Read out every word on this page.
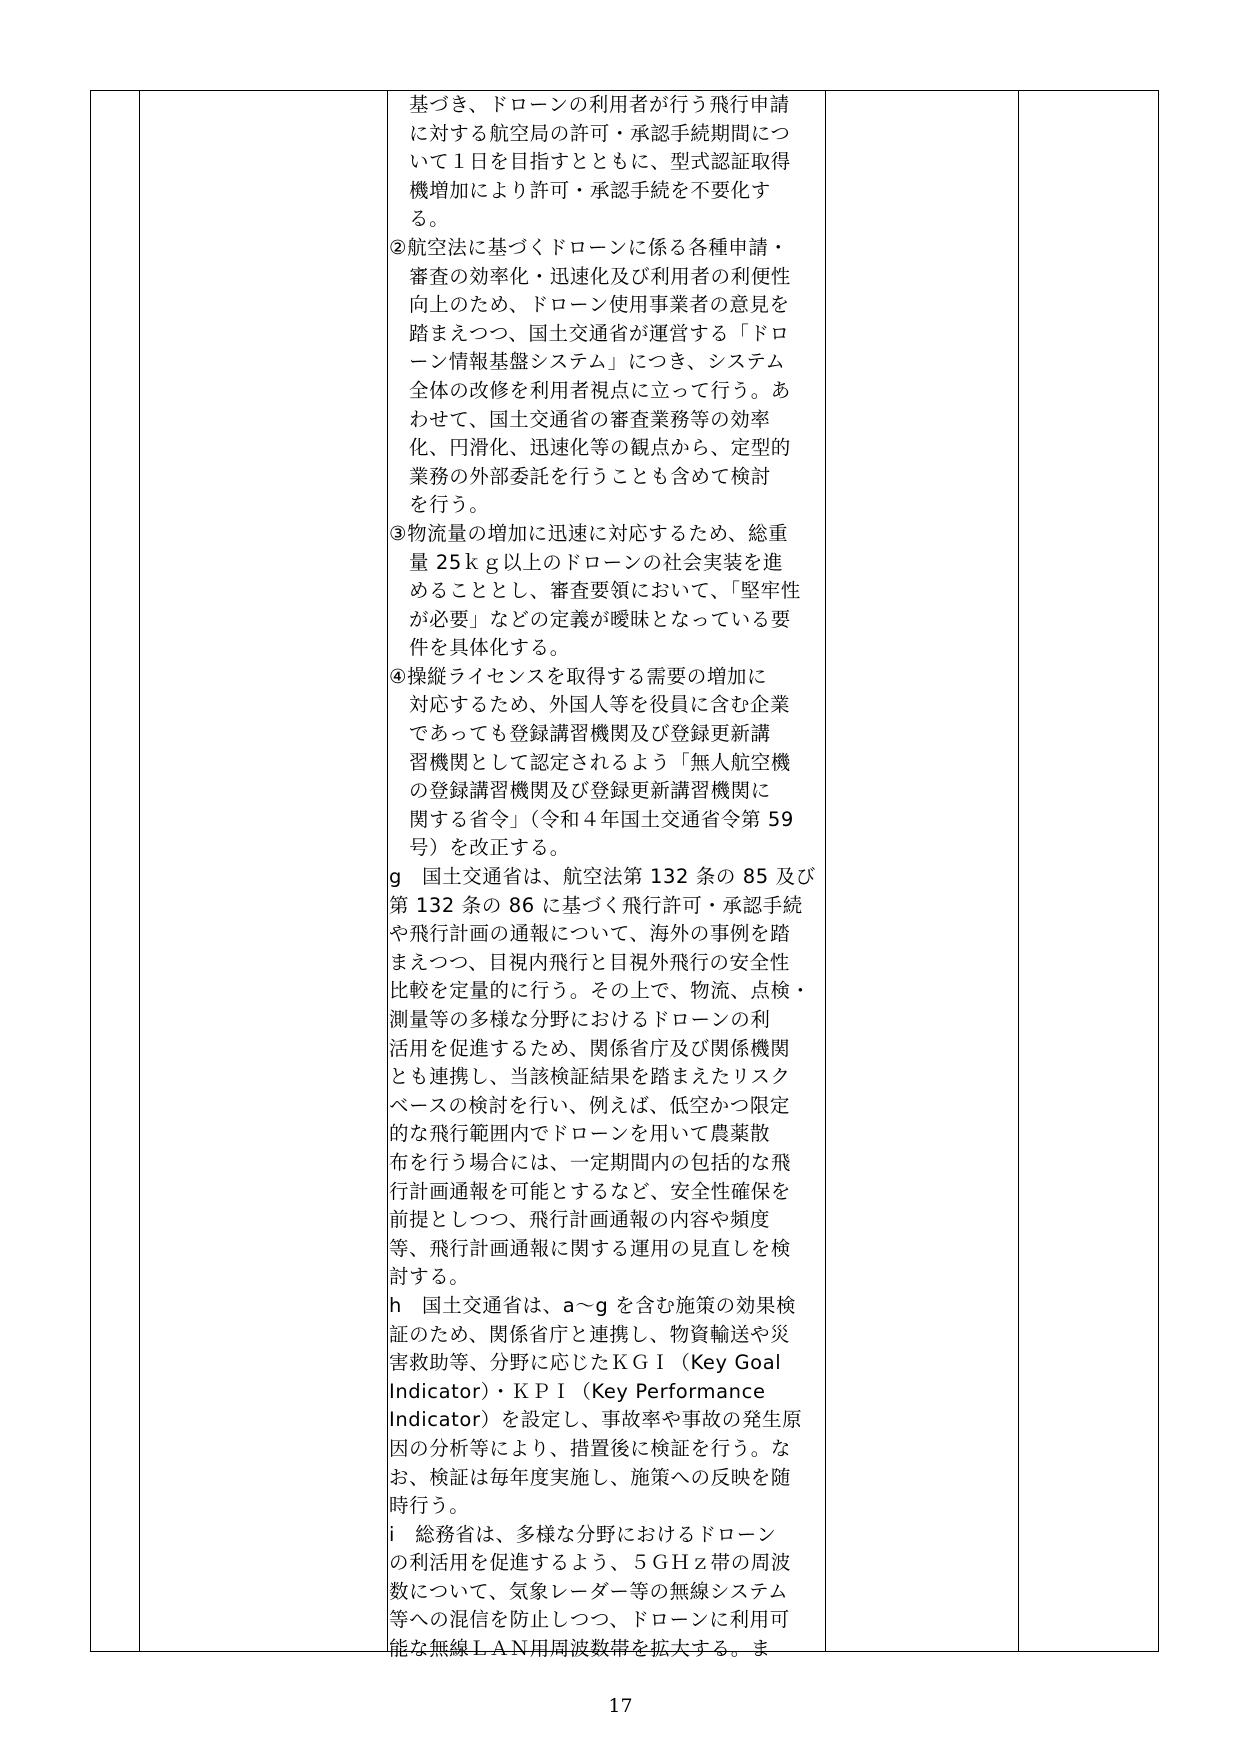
基づき、ドローンの利用者が行う飛行申請
に対する航空局の許可・承認手続期間につ
いて１日を目指すとともに、型式認証取得
機増加により許可・承認手続を不要化す
る。
②航空法に基づくドローンに係る各種申請・
審査の効率化・迅速化及び利用者の利便性
向上のため、ドローン使用事業者の意見を
踏まえつつ、国土交通省が運営する「ドロ
ーン情報基盤システム」につき、システム
全体の改修を利用者視点に立って行う。あ
わせて、国土交通省の審査業務等の効率
化、円滑化、迅速化等の観点から、定型的
業務の外部委託を行うことも含めて検討
を行う。
③物流量の増加に迅速に対応するため、総重
量 25ｋｇ以上のドローンの社会実装を進
めることとし、審査要領において、「堅牢性
が必要」などの定義が曖昧となっている要
件を具体化する。
④操縦ライセンスを取得する需要の増加に
対応するため、外国人等を役員に含む企業
であっても登録講習機関及び登録更新講
習機関として認定されるよう「無人航空機
の登録講習機関及び登録更新講習機関に
関する省令」（令和４年国土交通省令第 59
号）を改正する。
g　国土交通省は、航空法第 132 条の 85 及び
第 132 条の 86 に基づく飛行許可・承認手続
や飛行計画の通報について、海外の事例を踏
まえつつ、目視内飛行と目視外飛行の安全性
比較を定量的に行う。その上で、物流、点検・
測量等の多様な分野におけるドローンの利
活用を促進するため、関係省庁及び関係機関
とも連携し、当該検証結果を踏まえたリスク
ベースの検討を行い、例えば、低空かつ限定
的な飛行範囲内でドローンを用いて農薬散
布を行う場合には、一定期間内の包括的な飛
行計画通報を可能とするなど、安全性確保を
前提としつつ、飛行計画通報の内容や頻度
等、飛行計画通報に関する運用の見直しを検
討する。
h　国土交通省は、a～g を含む施策の効果検
証のため、関係省庁と連携し、物資輸送や災
害救助等、分野に応じたＫＧＩ（Key Goal
Indicator）・ＫＰＩ（Key Performance
Indicator）を設定し、事故率や事故の発生原
因の分析等により、措置後に検証を行う。な
お、検証は毎年度実施し、施策への反映を随
時行う。
i　総務省は、多様な分野におけるドローン
の利活用を促進するよう、５ＧＨｚ帯の周波
数について、気象レーダー等の無線システム
等への混信を防止しつつ、ドローンに利用可
能な無線ＬＡＮ用周波数帯を拡大する。ま
17
